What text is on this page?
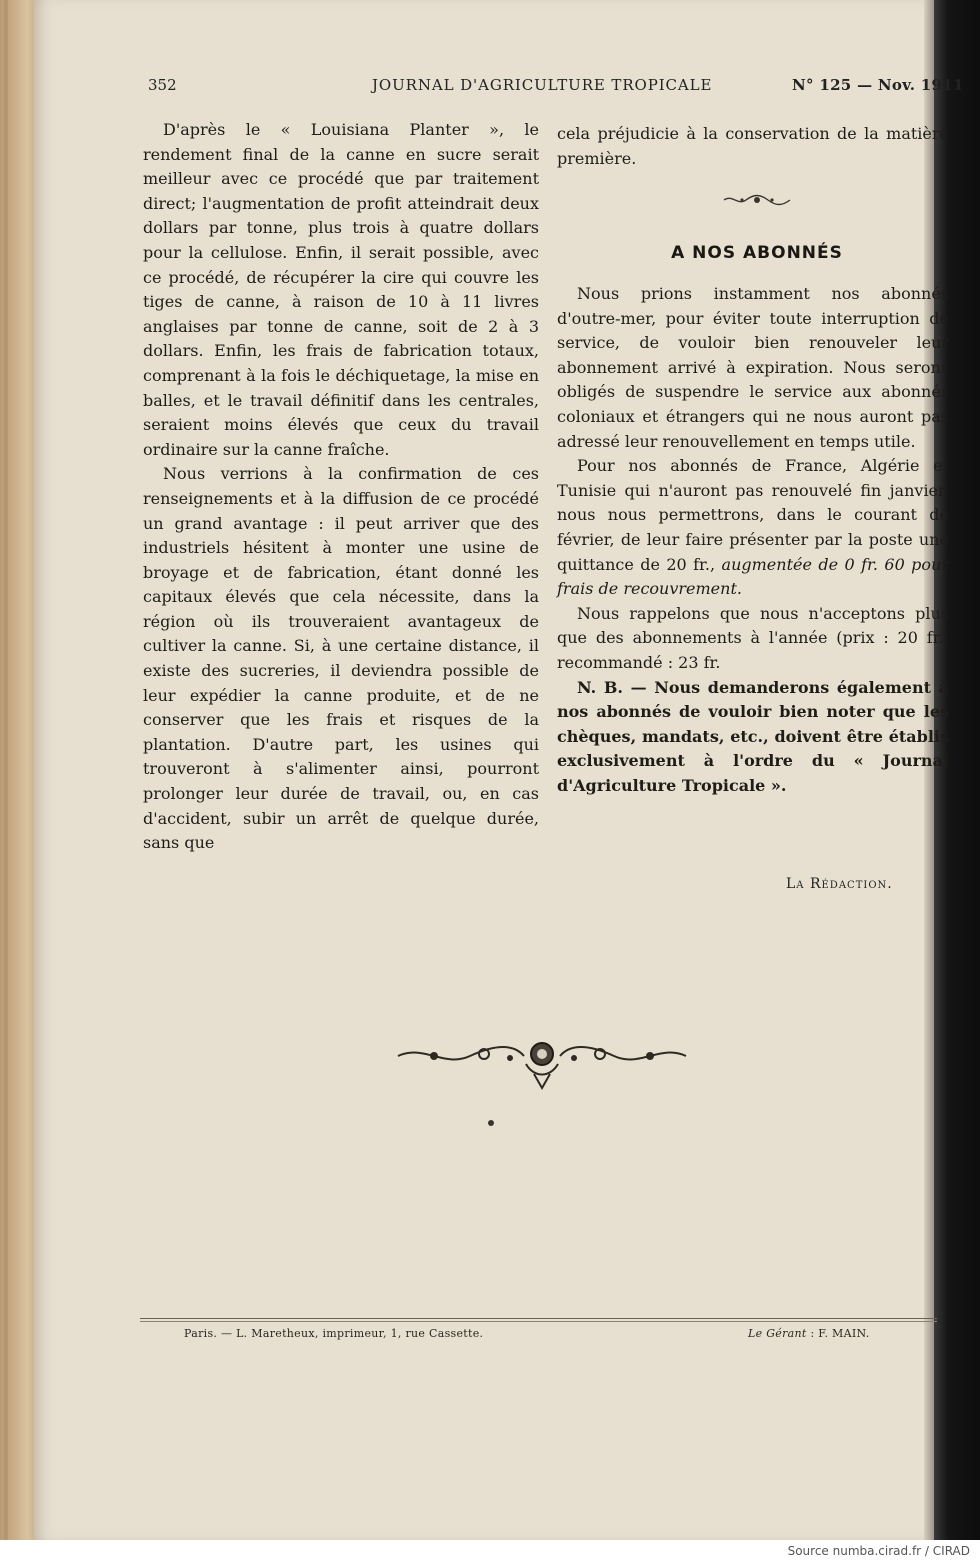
352	JOURNAL D'AGRICULTURE TROPICALE	N° 125 — Nov. 1911

D'après le « Louisiana Planter », le rendement final de la canne en sucre serait meilleur avec ce procédé que par traitement direct; l'augmentation de profit atteindrait deux dollars par tonne, plus trois à quatre dollars pour la cellulose. Enfin, il serait possible, avec ce procédé, de récupérer la cire qui couvre les tiges de canne, à raison de 10 à 11 livres anglaises par tonne de canne, soit de 2 à 3 dollars. Enfin, les frais de fabrication totaux, comprenant à la fois le déchiquetage, la mise en balles, et le travail définitif dans les centrales, seraient moins élevés que ceux du travail ordinaire sur la canne fraîche.

Nous verrions à la confirmation de ces renseignements et à la diffusion de ce procédé un grand avantage : il peut arriver que des industriels hésitent à monter une usine de broyage et de fabrication, étant donné les capitaux élevés que cela nécessite, dans la région où ils trouveraient avantageux de cultiver la canne. Si, à une certaine distance, il existe des sucreries, il deviendra possible de leur expédier la canne produite, et de ne conserver que les frais et risques de la plantation. D'autre part, les usines qui trouveront à s'alimenter ainsi, pourront prolonger leur durée de travail, ou, en cas d'accident, subir un arrêt de quelque durée, sans que

cela préjudicie à la conservation de la matière première.

A NOS ABONNÉS

Nous prions instamment nos abonnés d'outre-mer, pour éviter toute interruption de service, de vouloir bien renouveler leur abonnement arrivé à expiration. Nous serons obligés de suspendre le service aux abonnés coloniaux et étrangers qui ne nous auront pas adressé leur renouvellement en temps utile.

Pour nos abonnés de France, Algérie et Tunisie qui n'auront pas renouvelé fin janvier, nous nous permettrons, dans le courant de février, de leur faire présenter par la poste une quittance de 20 fr., augmentée de 0 fr. 60 pour frais de recouvrement.

Nous rappelons que nous n'acceptons plus que des abonnements à l'année (prix : 20 fr.; recommandé : 23 fr.

N. B. — Nous demanderons également à nos abonnés de vouloir bien noter que les chèques, mandats, etc., doivent être établis exclusivement à l'ordre du « Journal d'Agriculture Tropicale ».

La Rédaction.
Paris. — L. Maretheux, imprimeur, 1, rue Cassette.	Le Gérant : F. MAIN.
Source numba.cirad.fr / CIRAD
